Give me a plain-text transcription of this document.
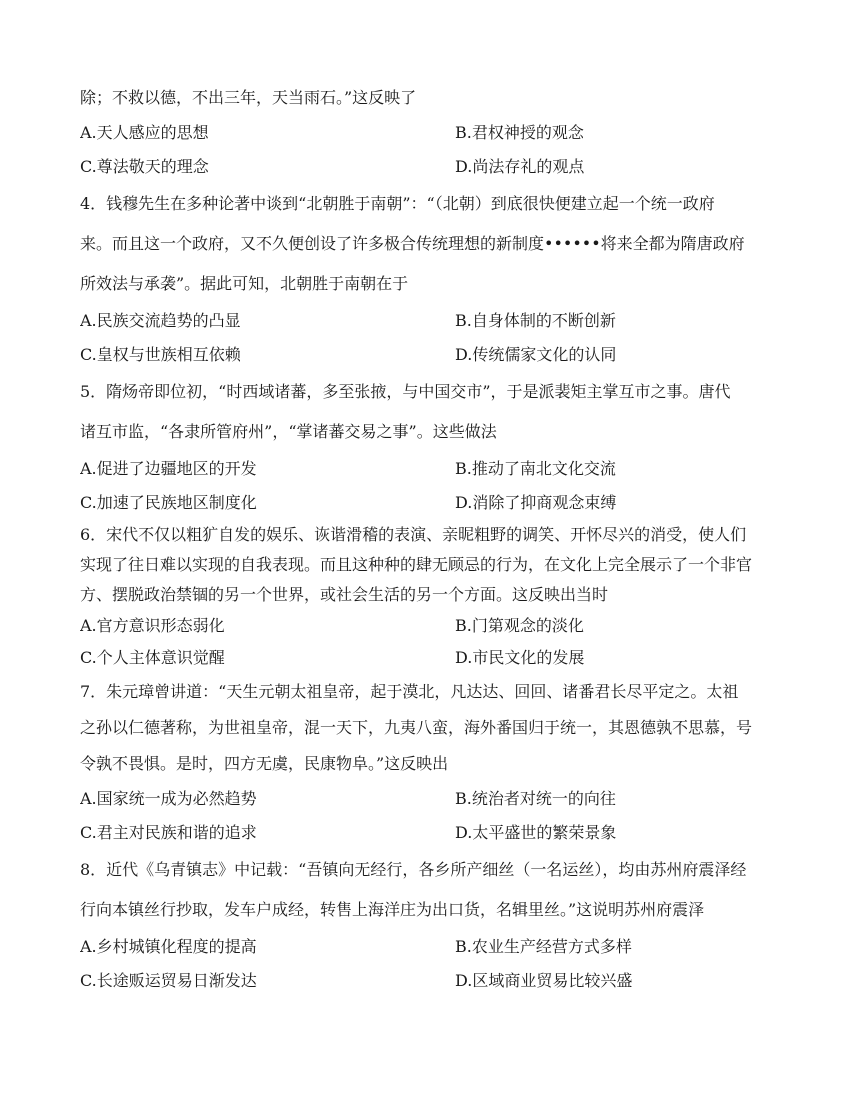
除；不救以德，不出三年，天当雨石。”这反映了
A.天人感应的思想	B.君权神授的观念
C.尊法敬天的理念	D.尚法存礼的观点
4．钱穆先生在多种论著中谈到“北朝胜于南朝”：“（北朝）到底很快便建立起一个统一政府
来。而且这一个政府，又不久便创设了许多极合传统理想的新制度••••••将来全都为隋唐政府
所效法与承袭”。据此可知，北朝胜于南朝在于
A.民族交流趋势的凸显	B.自身体制的不断创新
C.皇权与世族相互依赖	D.传统儒家文化的认同
5．隋炀帝即位初，“时西域诸蕃，多至张掖，与中国交市”，于是派裴矩主掌互市之事。唐代
诸互市监，“各隶所管府州”，“掌诸蕃交易之事”。这些做法
A.促进了边疆地区的开发	B.推动了南北文化交流
C.加速了民族地区制度化	D.消除了抑商观念束缚
6．宋代不仅以粗犷自发的娱乐、诙谐滑稽的表演、亲昵粗野的调笑、开怀尽兴的消受，使人们
实现了往日难以实现的自我表现。而且这种种的肆无顾忌的行为，在文化上完全展示了一个非官
方、摆脱政治禁锢的另一个世界，或社会生活的另一个方面。这反映出当时
A.官方意识形态弱化	B.门第观念的淡化
C.个人主体意识觉醒	D.市民文化的发展
7．朱元璋曾讲道：“天生元朝太祖皇帝，起于漠北，凡达达、回回、诸番君长尽平定之。太祖
之孙以仁德著称，为世祖皇帝，混一天下，九夷八蛮，海外番国归于统一，其恩德孰不思慕，号
令孰不畏惧。是时，四方无虞，民康物阜。”这反映出
A.国家统一成为必然趋势	B.统治者对统一的向往
C.君主对民族和谐的追求	D.太平盛世的繁荣景象
8．近代《乌青镇志》中记载：“吾镇向无经行，各乡所产细丝（一名运丝），均由苏州府震泽经
行向本镇丝行抄取，发车户成经，转售上海洋庄为出口货，名辑里丝。”这说明苏州府震泽
A.乡村城镇化程度的提高	B.农业生产经营方式多样
C.长途贩运贸易日渐发达	D.区域商业贸易比较兴盛
